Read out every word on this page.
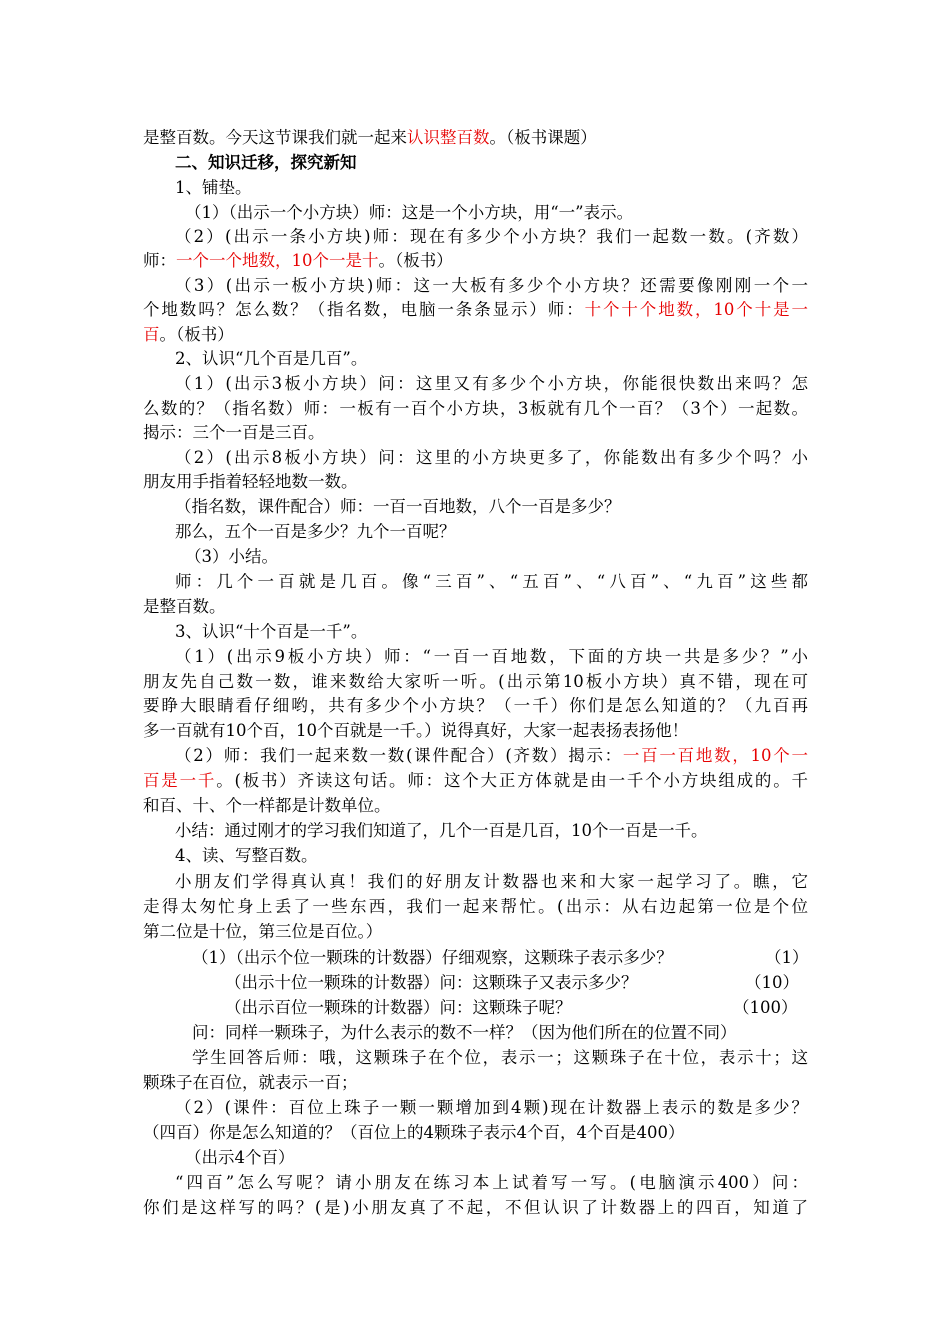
是整百数。今天这节课我们就一起来认识整百数。（板书课题）
二、知识迁移，探究新知
1、铺垫。
（1）（出示一个小方块）师：这是一个小方块，用“一”表示。
（2）(出示一条小方块)师：现在有多少个小方块？我们一起数一数。(齐数）
师：一个一个地数，10个一是十。（板书）
（3）(出示一板小方块)师：这一大板有多少个小方块？还需要像刚刚一个一
个地数吗？怎么数？（指名数，电脑一条条显示）师：十个十个地数，10个十是一
百。（板书）
2、认识“几个百是几百”。
（1）(出示3板小方块）问：这里又有多少个小方块，你能很快数出来吗？怎
么数的？（指名数）师：一板有一百个小方块，3板就有几个一百？（3个）一起数。
揭示：三个一百是三百。
（2）(出示8板小方块）问：这里的小方块更多了，你能数出有多少个吗？小
朋友用手指着轻轻地数一数。
（指名数，课件配合）师：一百一百地数，八个一百是多少？
那么，五个一百是多少？九个一百呢？
（3）小结。
师：几个一百就是几百。像“三百”、“五百”、“八百”、“九百”这些都
是整百数。
3、认识“十个百是一千”。
（1）(出示9板小方块）师：“一百一百地数，下面的方块一共是多少？”小
朋友先自己数一数，谁来数给大家听一听。(出示第10板小方块）真不错，现在可
要睁大眼睛看仔细哟，共有多少个小方块？（一千）你们是怎么知道的？（九百再
多一百就有10个百，10个百就是一千。）说得真好，大家一起表扬表扬他！
（2）师：我们一起来数一数(课件配合）(齐数）揭示：一百一百地数，10个一
百是一千。(板书）齐读这句话。师：这个大正方体就是由一千个小方块组成的。千
和百、十、个一样都是计数单位。
小结：通过刚才的学习我们知道了，几个一百是几百，10个一百是一千。
4、读、写整百数。
小朋友们学得真认真！我们的好朋友计数器也来和大家一起学习了。瞧，它
走得太匆忙身上丢了一些东西，我们一起来帮忙。(出示：从右边起第一位是个位
第二位是十位，第三位是百位。）
（1）（出示个位一颗珠的计数器）仔细观察，这颗珠子表示多少？	（1）
（出示十位一颗珠的计数器）问：这颗珠子又表示多少？	（10）
（出示百位一颗珠的计数器）问：这颗珠子呢？	（100）
问：同样一颗珠子，为什么表示的数不一样？（因为他们所在的位置不同）
学生回答后师：哦，这颗珠子在个位，表示一；这颗珠子在十位，表示十；这
颗珠子在百位，就表示一百；
（2）(课件：百位上珠子一颗一颗增加到4颗)现在计数器上表示的数是多少？
（四百）你是怎么知道的？（百位上的4颗珠子表示4个百，4个百是400）
（出示4个百）
“四百”怎么写呢？请小朋友在练习本上试着写一写。(电脑演示400）问：
你们是这样写的吗？(是)小朋友真了不起，不但认识了计数器上的四百，知道了
